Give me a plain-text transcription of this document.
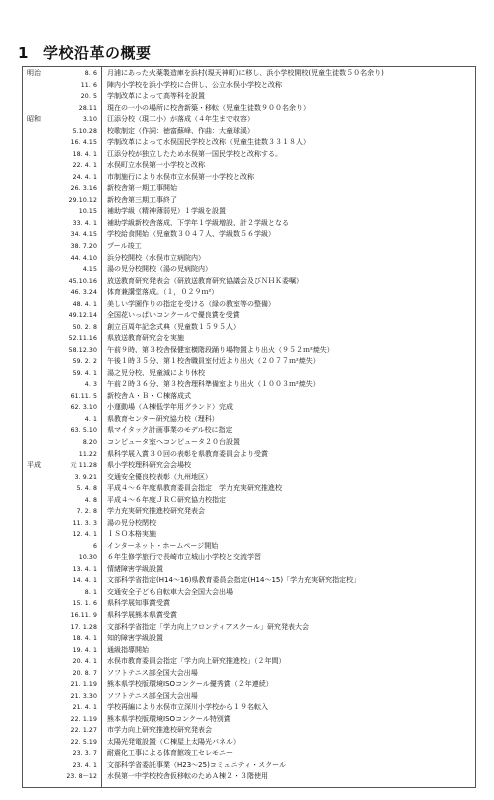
1 学校沿革の概要
明治	8. 6 月浦にあった火薬製造庫を浜村(現天神町)に移し、浜小学校開校(児童生徒数５０名余り)
11. 6 陣内小学校を浜小学校に合併し、公立水俣小学校と改称
20. 5 学制改革によって高等科を設置
28.11 現在の一小の場所に校舎新築・移転（児童生徒数９００名余り）
昭和	3.10 江添分校（現二小）が落成（４年生まで収容）
5.10.28 校歌制定（作詞：徳富蘇峰、作曲：大童球溪）
16. 4.15 学制改革によって水俣国民学校と改称（児童生徒数３３１８人）
18. 4. 1 江添分校が独立したため水俣第一国民学校と改称する。
22. 4. 1 水俣町立水俣第一小学校と改称
24. 4. 1 市制施行により水俣市立水俣第一小学校と改称
26. 3.16 新校舎第一期工事開始
29.10.12 新校舎第三期工事終了
10.15 補助学級（精神薄弱児）１学級を設置
33. 4. 1 補助学級新校舎落成、下学年１学級増設、計２学級となる
34. 4.15 学校給食開始（児童数３０４７人、学級数５６学級）
38. 7.20 プール竣工
44. 4.10 浜分校開校（水俣市立病院内）
4.15 湯の児分校開校（湯の児病院内）
45.10.16 放送教育研究発表会（研放送教育研究協議会及びＮＨＫ委嘱）
46. 3.24 体育兼講堂落成。（１，０２９ｍ²）
48. 4. 1 美しい学園作りの指定を受ける（緑の教室等の整備）
49.12.14 全国花いっぱいコンクールで優良賞を受賞
50. 2. 8 創立百周年記念式典（児童数１５９５人）
52.11.16 県放送教育研究会を実施
58.12.30 午前９時、第３校舎保健室横階段踊り場物置より出火（９５２ｍ²焼失）
59. 2. 2 午後１時３５分、第１校舎職員室付近より出火（２０７７ｍ²焼失）
59. 4. 1 湯之児分校、児童減により休校
4. 3 午前２時３６分、第３校舎理科準備室より出火（１００３ｍ²焼失）
61.11. 5 新校舎Ａ・Ｂ・Ｃ棟落成式
62. 3.10 小運動場（Ａ棟低学年用グランド）完成
4. 1 県教育センター研究協力校（理科）
63. 5.10 県マイタック計画事業のモデル校に指定
8.20 コンピュータ室へコンピュータ２０台設置
11.22 県科学展入賞３０回の表彰を県教育委員会より受賞
平成	元 11.28 県小学校理科研究会会場校
3. 9.21 交通安全優良校表彰（九州地区）
5. 4. 8 平成４～６年度県教育委員会指定　学力充実研究推進校
4. 8 平成４～６年度ＪＲＣ研究協力校指定
7. 2. 8 学力充実研究推進校研究発表会
11. 3. 3 湯の児分校閉校
12. 4. 1 ＩＳＯ本格実施
6 インターネット・ホームページ開始
10.30 ６年生修学旅行で長崎市立城山小学校と交流学習
13. 4. 1 情緒障害学級設置
14. 4. 1 文部科学省指定(H14～16)県教育委員会指定(H14～15)「学力充実研究指定校」
8. 1 交通安全子ども自転車大会全国大会出場
15. 1. 6 県科学展知事賞受賞
16.11. 9 県科学展熊本県賞受賞
17. 1.28 文部科学省指定「学力向上フロンティアスクール」研究発表大会
18. 4. 1 知的障害学級設置
19. 4. 1 通級指導開始
20. 4. 1 水俣市教育委員会指定「学力向上研究推進校」（２年間）
20. 8. 7 ソフトテニス部全国大会出場
21. 1.19 熊本県学校版環境ISOコンクール優秀賞（２年連続）
21. 3.30 ソフトテニス部全国大会出場
21. 4. 1 学校再編により水俣市立深川小学校から１９名転入
22. 1.19 熊本県学校版環境ISOコンクール特別賞
22. 1.27 市学力向上研究推進校研究発表会
22. 5.19 太陽光発電設置（Ｃ棟屋上太陽光パネル）
23. 3. 7 耐震化工事による体育館竣工セレモニー
23. 4. 1 文部科学省委託事業（H23～25)コミュニティ・スクール
23. 8～12 水俣第一中学校校舎仮移転のためＡ棟２・３階使用
